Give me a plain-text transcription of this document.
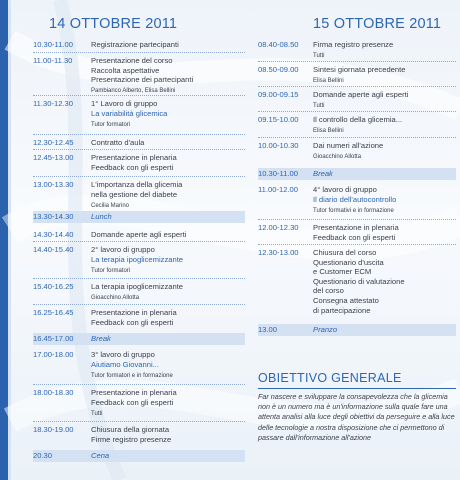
14 OTTOBRE 2011
10.30-11.00	Registrazione partecipanti
11.00-11.30	Presentazione del corso
Raccolta aspettative
Presentazione dei partecipanti
Pambianco Alberto, Elisa Bellini
11.30-12.30	1° Lavoro di gruppo
La variabilità glicemica
Tutor formatori
12.30-12.45	Contratto d'aula
12.45-13.00	Presentazione in plenaria
Feedback con gli esperti
13.00-13.30	L'importanza della glicemia
nella gestione del diabete
Cecilia Marino
13.30-14.30	Lunch
14.30-14.40	Domande aperte agli esperti
14.40-15.40	2° lavoro di gruppo
La terapia ipoglicemizzante
Tutor formatori
15.40-16.25	La terapia ipoglicemizzante
Gioacchino Allotta
16.25-16.45	Presentazione in plenaria
Feedback con gli esperti
16.45-17.00	Break
17.00-18.00	3° lavoro di gruppo
Aiutiamo Giovanni...
Tutor formatori e in formazione
18.00-18.30	Presentazione in plenaria
Feedback con gli esperti
Tutti
18.30-19.00	Chiusura della giornata
Firme registro presenze
20.30	Cena
15 OTTOBRE 2011
08.40-08.50	Firma registro presenze
Tutti
08.50-09.00	Sintesi giornata precedente
Elisa Bellini
09.00-09.15	Domande aperte agli esperti
Tutti
09.15-10.00	Il controllo della glicemia...
Elisa Bellini
10.00-10.30	Dai numeri all'azione
Gioacchino Allotta
10.30-11.00	Break
11.00-12.00	4° lavoro di gruppo
Il diario dell'autocontrollo
Tutor formativi e in formazione
12.00-12.30	Presentazione in plenaria
Feedback con gli esperti
12.30-13.00	Chiusura del corso
Questionario d'uscita
e Customer ECM
Questionario di valutazione
del corso
Consegna attestato
di partecipazione
13.00	Pranzo
OBIETTIVO GENERALE
Far nascere e sviluppare la consapevolezza che la glicemia non è un numero ma è un'informazione sulla quale fare una attenta analisi alla luce degli obiettivi da perseguire e alla luce delle tecnologie a nostra disposizione che ci permettono di passare dall'informazione all'azione
